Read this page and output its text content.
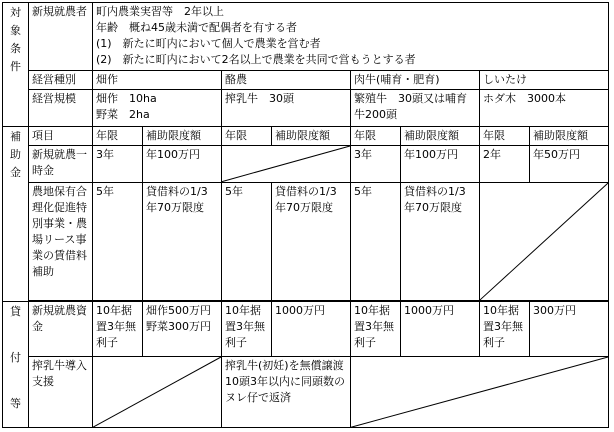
対象条件	新規就農者	町内農業実習等　2年以上
年齢　概ね45歳未満で配偶者を有する者
(1)　新たに町内において個人で農業を営む者
(2)　新たに町内において2名以上で農業を共同で営もうとする者							

	経営種別	畑作		酪農		肉牛(哺育・肥育)		しいたけ	
	経営規模	畑作　10ha
野菜　2ha		搾乳牛　30頭		繁殖牛　30頭又は哺育牛200頭		ホダ木　3000本	
補助金	項目	年限	補助限度額	年限	補助限度額	年限	補助限度額	年限	補助限度額
	新規就農一時金	3年	年100万円			3年	年100万円	2年	年50万円
	農地保有合理化促進特別事業・農場リース事業の賃借料補助	5年	貸借料の1/3年70万限度	5年	貸借料の1/3年70万限度	5年	貸借料の1/3年70万限度	

貸
付
等	新規就農資金	10年据置3年無利子	畑作500万円
野菜300万円	10年据置3年無利子	1000万円	10年据置3年無利子	1000万円	10年据置3年無利子	300万円
	搾乳牛導入支援			搾乳牛(初妊)を無償譲渡　10頭3年以内に同頭数のヌレ仔で返済	
